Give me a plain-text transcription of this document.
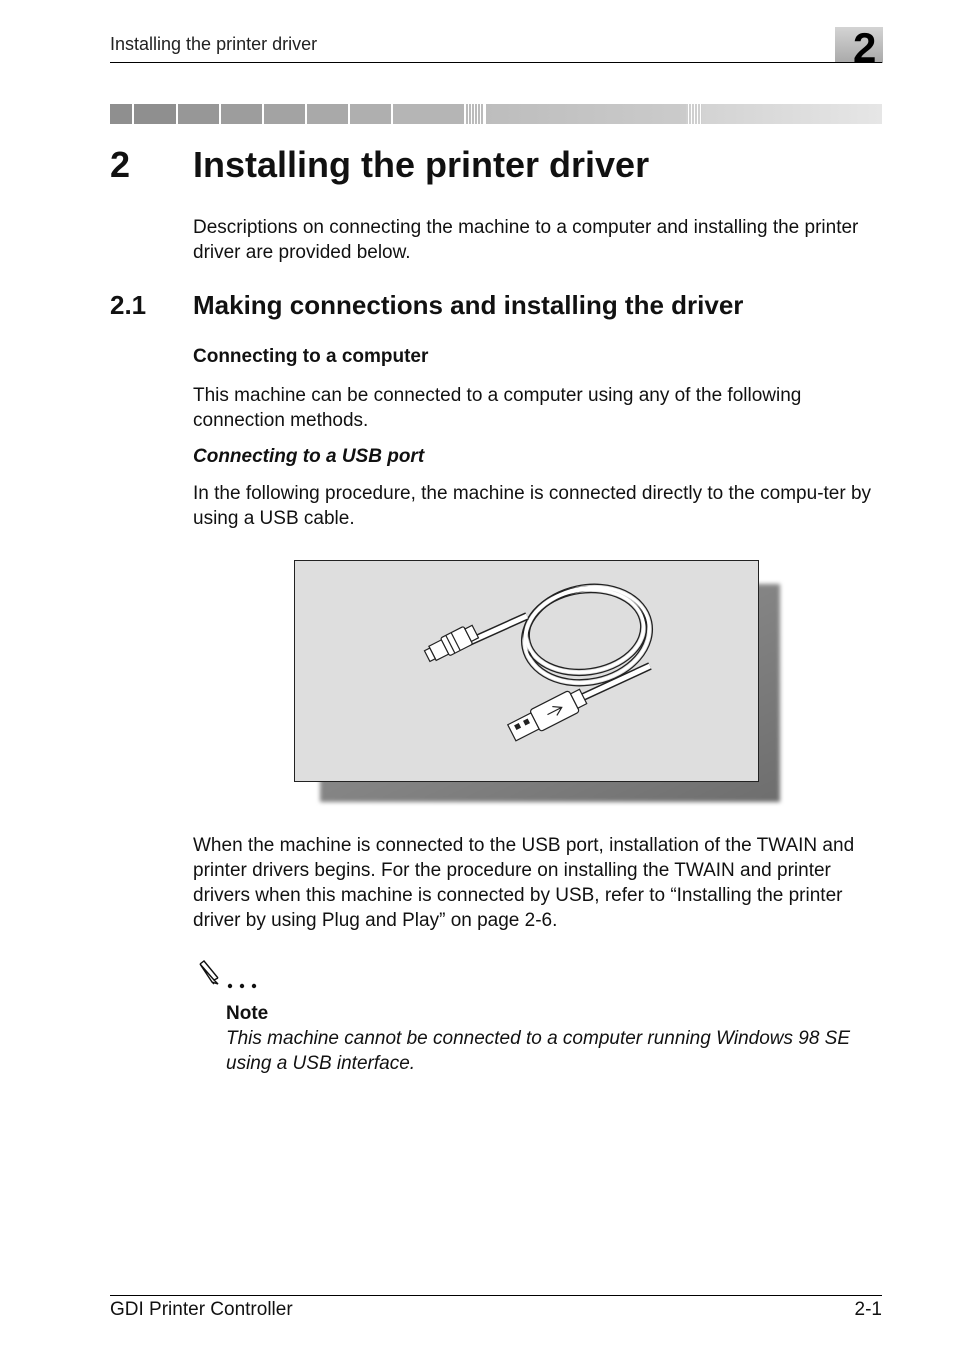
Installing the printer driver	2
2 Installing the printer driver
Descriptions on connecting the machine to a computer and installing the printer driver are provided below.
2.1 Making connections and installing the driver
Connecting to a computer
This machine can be connected to a computer using any of the following connection methods.
Connecting to a USB port
In the following procedure, the machine is connected directly to the compu-ter by using a USB cable.
When the machine is connected to the USB port, installation of the TWAIN and printer drivers begins. For the procedure on installing the TWAIN and printer drivers when this machine is connected by USB, refer to “Installing the printer driver by using Plug and Play” on page 2-6.
Note
This machine cannot be connected to a computer running Windows 98 SE using a USB interface.
GDI Printer Controller	2-1
